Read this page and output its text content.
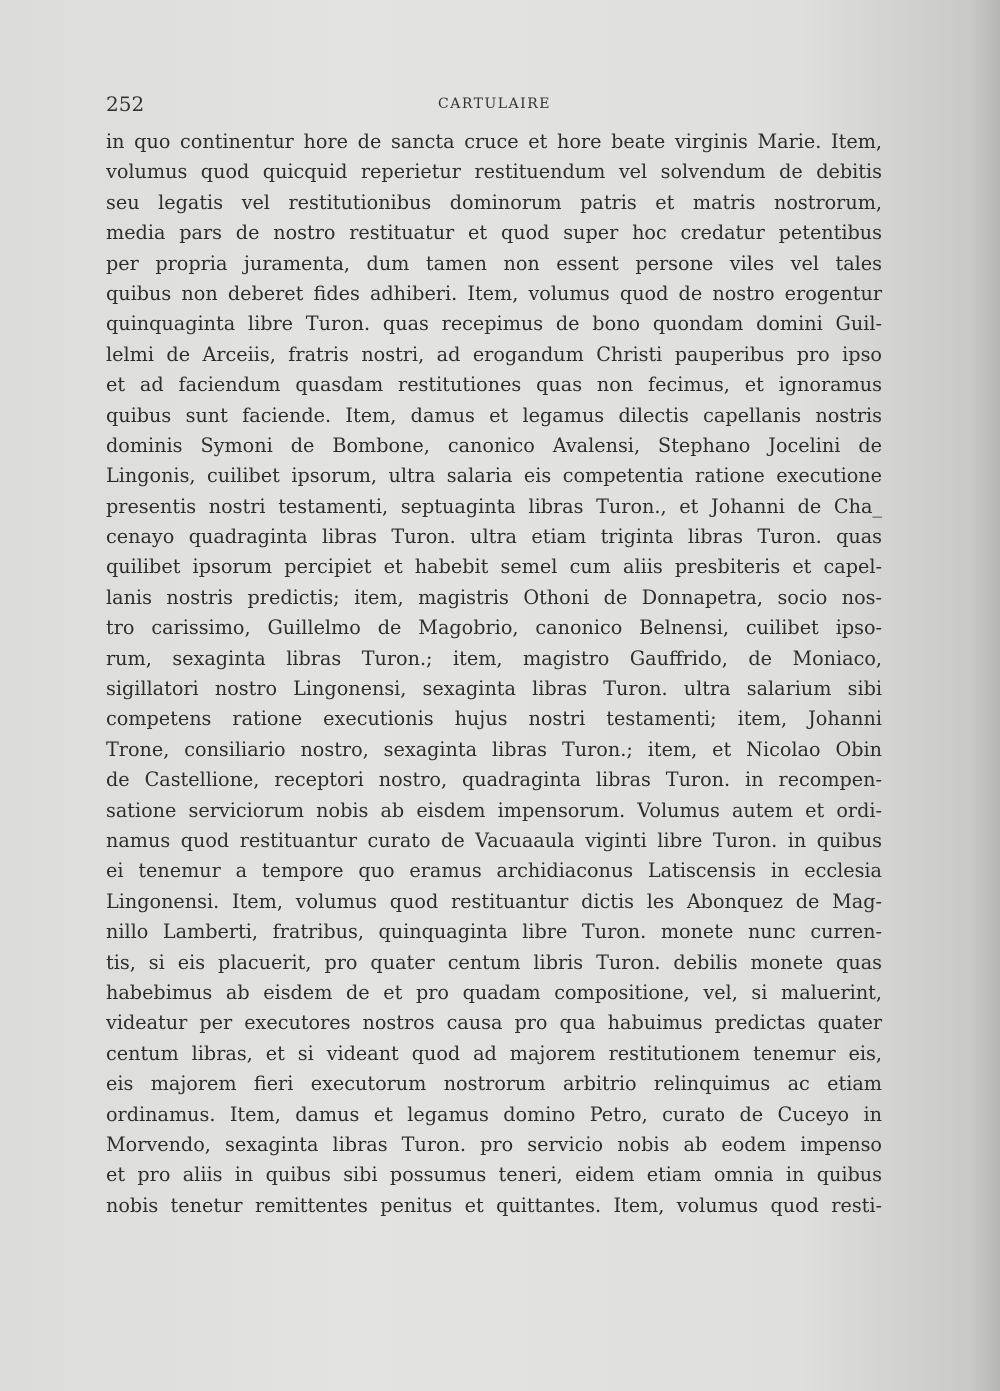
252	CARTULAIRE
in quo continentur hore de sancta cruce et hore beate virginis Marie. Item,
volumus quod quicquid reperietur restituendum vel solvendum de debitis
seu legatis vel restitutionibus dominorum patris et matris nostrorum,
media pars de nostro restituatur et quod super hoc credatur petentibus
per propria juramenta, dum tamen non essent persone viles vel tales
quibus non deberet fides adhiberi. Item, volumus quod de nostro erogentur
quinquaginta libre Turon. quas recepimus de bono quondam domini Guil-
lelmi de Arceiis, fratris nostri, ad erogandum Christi pauperibus pro ipso
et ad faciendum quasdam restitutiones quas non fecimus, et ignoramus
quibus sunt faciende. Item, damus et legamus dilectis capellanis nostris
dominis Symoni de Bombone, canonico Avalensi, Stephano Jocelini de
Lingonis, cuilibet ipsorum, ultra salaria eis competentia ratione executione
presentis nostri testamenti, septuaginta libras Turon., et Johanni de Cha_
cenayo quadraginta libras Turon. ultra etiam triginta libras Turon. quas
quilibet ipsorum percipiet et habebit semel cum aliis presbiteris et capel-
lanis nostris predictis; item, magistris Othoni de Donnapetra, socio nos-
tro carissimo, Guillelmo de Magobrio, canonico Belnensi, cuilibet ipso-
rum, sexaginta libras Turon.; item, magistro Gauffrido, de Moniaco,
sigillatori nostro Lingonensi, sexaginta libras Turon. ultra salarium sibi
competens ratione executionis hujus nostri testamenti; item, Johanni
Trone, consiliario nostro, sexaginta libras Turon.; item, et Nicolao Obin
de Castellione, receptori nostro, quadraginta libras Turon. in recompen-
satione serviciorum nobis ab eisdem impensorum. Volumus autem et ordi-
namus quod restituantur curato de Vacuaaula viginti libre Turon. in quibus
ei tenemur a tempore quo eramus archidiaconus Latiscensis in ecclesia
Lingonensi. Item, volumus quod restituantur dictis les Abonquez de Mag-
nillo Lamberti, fratribus, quinquaginta libre Turon. monete nunc curren-
tis, si eis placuerit, pro quater centum libris Turon. debilis monete quas
habebimus ab eisdem de et pro quadam compositione, vel, si maluerint,
videatur per executores nostros causa pro qua habuimus predictas quater
centum libras, et si videant quod ad majorem restitutionem tenemur eis,
eis majorem fieri executorum nostrorum arbitrio relinquimus ac etiam
ordinamus. Item, damus et legamus domino Petro, curato de Cuceyo in
Morvendo, sexaginta libras Turon. pro servicio nobis ab eodem impenso
et pro aliis in quibus sibi possumus teneri, eidem etiam omnia in quibus
nobis tenetur remittentes penitus et quittantes. Item, volumus quod resti-
